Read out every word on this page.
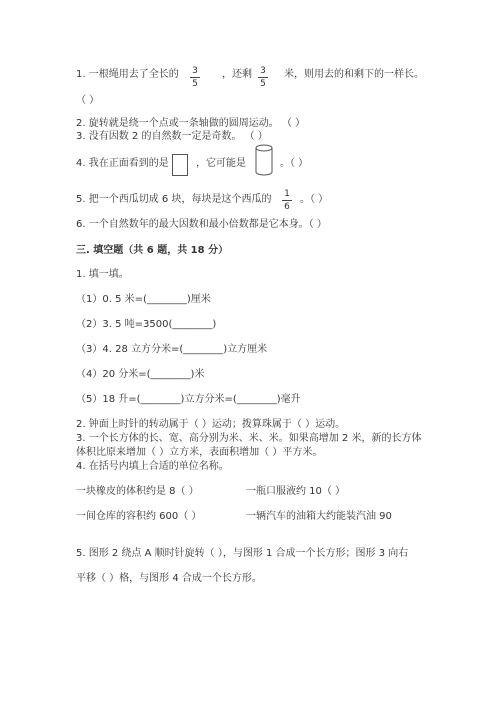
1. 一根绳用去了全长的 3
5
，还剩 3
5
米，则用去的和剩下的一样长。
（ ）
2. 旋转就是绕一个点或一条轴做的圆周运动。 （ ）
3. 没有因数 2 的自然数一定是奇数。 （ ）
4. 我在正面看到的是	，它可能是	。（ ）
5. 把一个西瓜切成 6 块，每块是这个西瓜的 1
6
。（ ）
6. 一个自然数年的最大因数和最小倍数都是它本身。（ ）
三. 填空题（共 6 题，共 18 分）
1. 填一填。
（1）0. 5 米=(________)厘米
（2）3. 5 吨=3500(________)
（3）4. 28 立方分米=(________)立方厘米
（4）20 分米=(________)米
（5）18 升=(________)立方分米=(________)毫升
2. 钟面上时针的转动属于（ ）运动；拨算珠属于（ ）运动。
3. 一个长方体的长、宽、高分别为米、米、米。如果高增加 2 米，新的长方体
体积比原来增加（ ）立方米，表面积增加（ ）平方米。
4. 在括号内填上合适的单位名称。
一块橡皮的体积约是 8（ ）	一瓶口服液约 10（ ）
一间仓库的容积约 600（ ）	一辆汽车的油箱大约能装汽油 90
5. 图形 2 绕点 A 顺时针旋转（ ），与图形 1 合成一个长方形；图形 3 向右
平移（ ）格，与图形 4 合成一个长方形。
